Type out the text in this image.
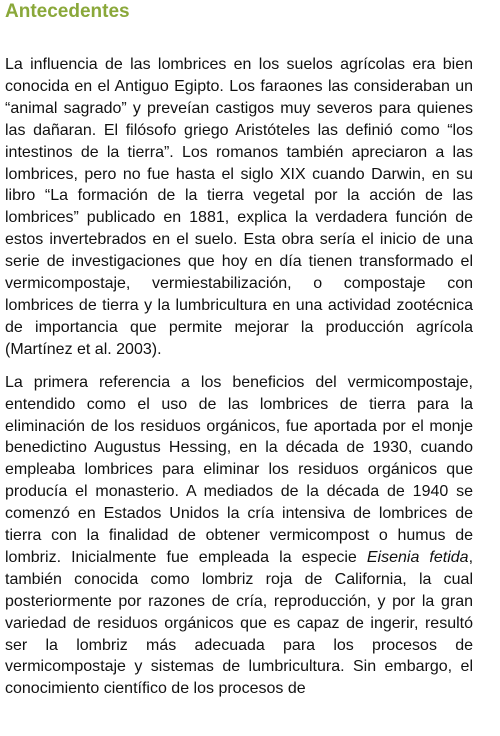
Antecedentes

La influencia de las lombrices en los suelos agrícolas era bien conocida en el Antiguo Egipto. Los faraones las consideraban un “animal sagrado” y preveían castigos muy severos para quienes las dañaran. El filósofo griego Aristóteles las definió como “los intestinos de la tierra”. Los romanos también apreciaron a las lombrices, pero no fue hasta el siglo XIX cuando Darwin, en su libro “La formación de la tierra vegetal por la acción de las lombrices” publicado en 1881, explica la verdadera función de estos invertebrados en el suelo. Esta obra sería el inicio de una serie de investigaciones que hoy en día tienen transformado el vermicompostaje, vermiestabilización, o compostaje con lombrices de tierra y la lumbricultura en una actividad zootécnica de importancia que permite mejorar la producción agrícola (Martínez et al. 2003).

La primera referencia a los beneficios del vermicompostaje, entendido como el uso de las lombrices de tierra para la eliminación de los residuos orgánicos, fue aportada por el monje benedictino Augustus Hessing, en la década de 1930, cuando empleaba lombrices para eliminar los residuos orgánicos que producía el monasterio. A mediados de la década de 1940 se comenzó en Estados Unidos la cría intensiva de lombrices de tierra con la finalidad de obtener vermicompost o humus de lombriz. Inicialmente fue empleada la especie Eisenia fetida, también conocida como lombriz roja de California, la cual posteriormente por razones de cría, reproducción, y por la gran variedad de residuos orgánicos que es capaz de ingerir, resultó ser la lombriz más adecuada para los procesos de vermicompostaje y sistemas de lumbricultura. Sin embargo, el conocimiento científico de los procesos de
